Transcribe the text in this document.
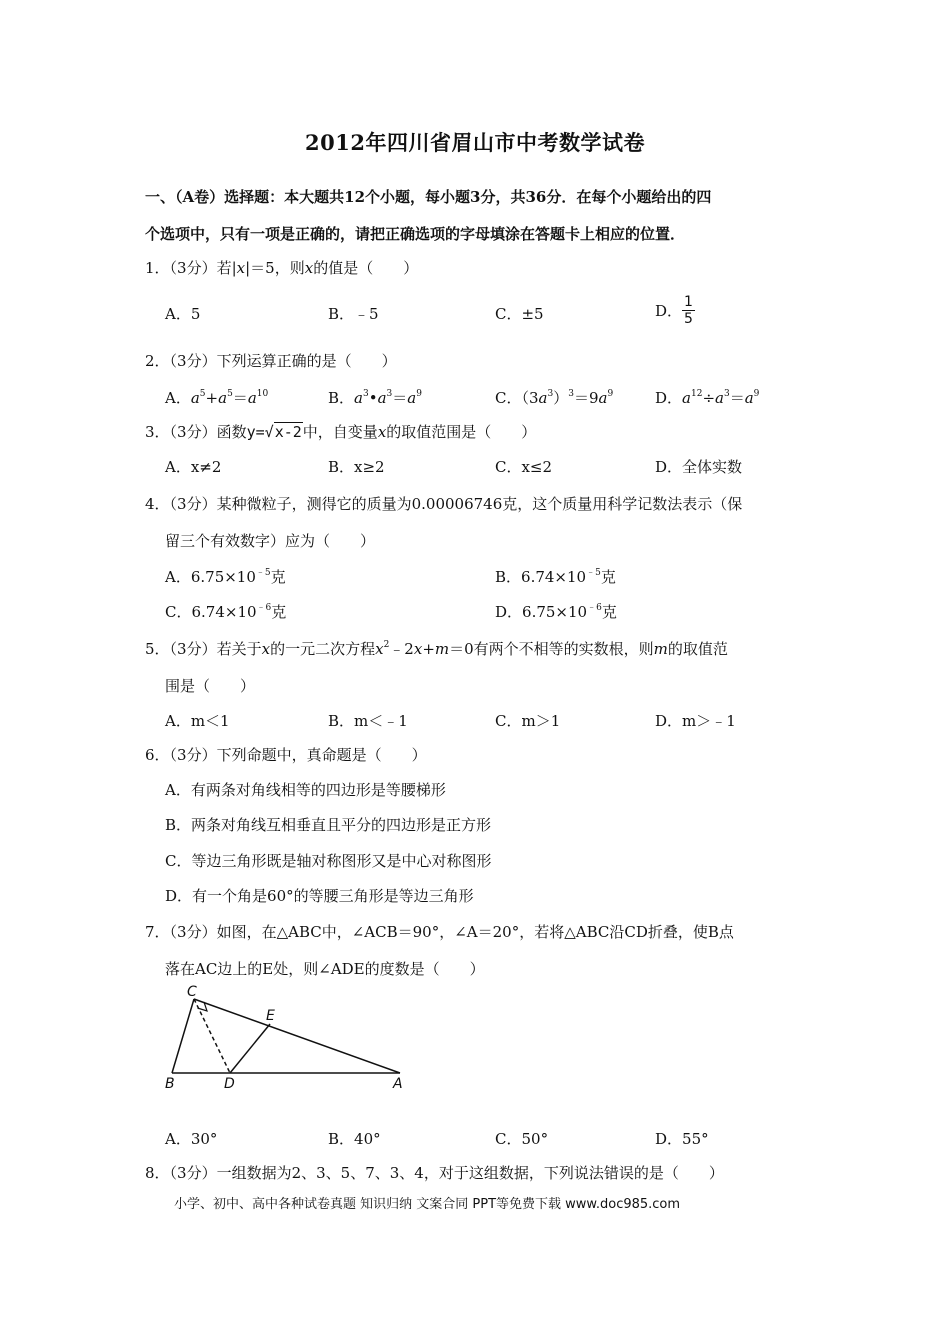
2012年四川省眉山市中考数学试卷
一、（A卷）选择题：本大题共12个小题，每小题3分，共36分．在每个小题给出的四
个选项中，只有一项是正确的，请把正确选项的字母填涂在答题卡上相应的位置．
1．（3分）若|x|＝5，则x的值是（　　）
A．5	B．﹣5	C．±5	D． $\frac{1}{5}$
2．（3分）下列运算正确的是（　　）
A．$a^5+a^5=a^{10}$	B．$a^3•a^3=a^9$	C．$(3a^3)^3=9a^9$	D．$a^{12}\div a^3=a^9$
3．（3分）函数y=√x-2中，自变量x的取值范围是（　　）
A．x≠2	B．x≥2	C．x≤2	D．全体实数
4．（3分）某种微粒子，测得它的质量为0.00006746克，这个质量用科学记数法表示（保
留三个有效数字）应为（　　）
A．$6.75\times 10^{﹣5}$克	B．$6.74\times 10^{﹣5}$克
C．$6.74\times 10^{﹣6}$克	D．$6.75\times 10^{﹣6}$克
5．（3分）若关于x的一元二次方程$x^2﹣2x+m=0$有两个不相等的实数根，则m的取值范
围是（　　）
A．m＜1	B．m＜﹣1	C．m＞1	D．m＞﹣1
6．（3分）下列命题中，真命题是（　　）
A．有两条对角线相等的四边形是等腰梯形
B．两条对角线互相垂直且平分的四边形是正方形
C．等边三角形既是轴对称图形又是中心对称图形
D．有一个角是60°的等腰三角形是等边三角形
7．（3分）如图，在△ABC中，∠ACB＝90°，∠A＝20°，若将△ABC沿CD折叠，使B点
落在AC边上的E处，则∠ADE的度数是（　　）
C
E
B	D	A
A．30°	B．40°	C．50°	D．55°
8．（3分）一组数据为2、3、5、7、3、4，对于这组数据，下列说法错误的是（　　）
小学、初中、高中各种试卷真题 知识归纳 文案合同 PPT等免费下载 www.doc985.com
